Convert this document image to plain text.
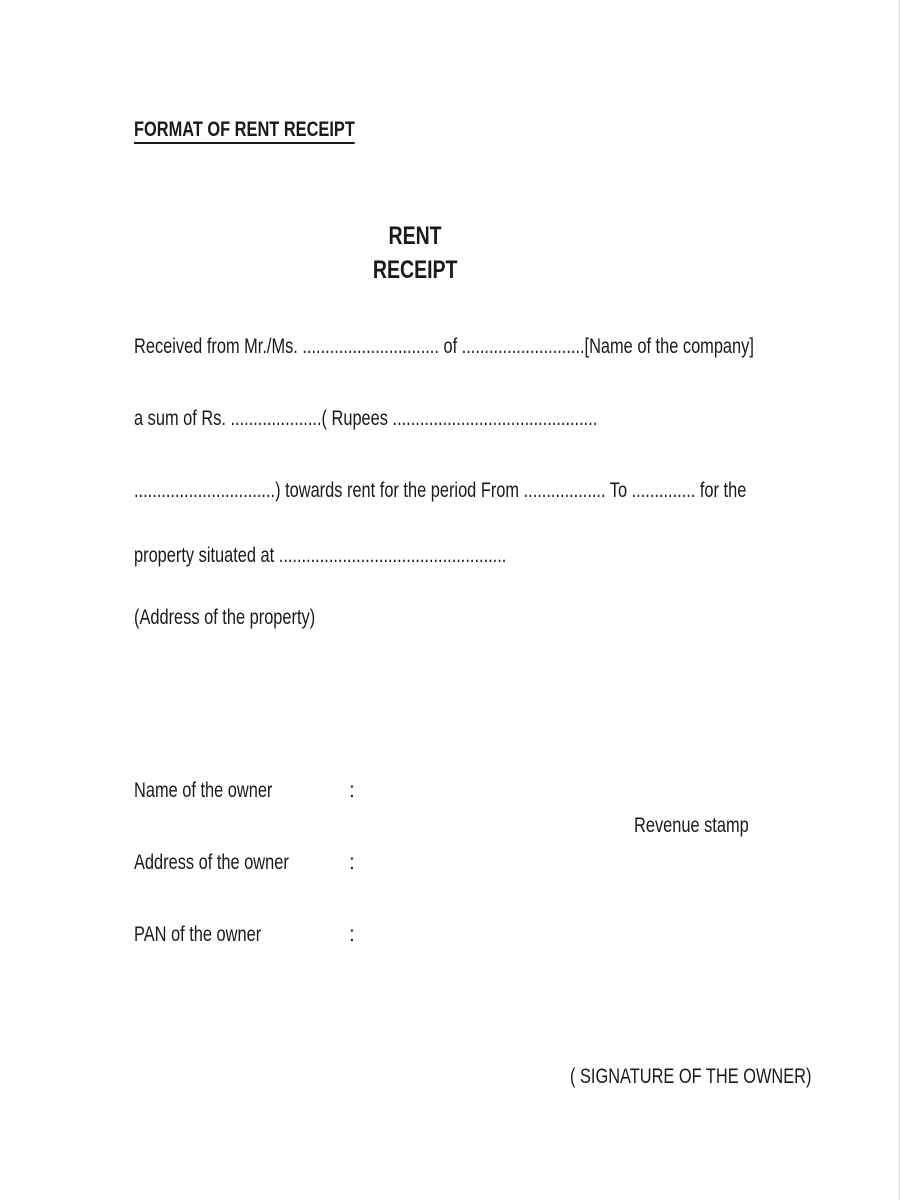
FORMAT OF RENT RECEIPT
RENT
RECEIPT
Received from Mr./Ms. .............................. of ...........................[Name of the company]
a sum of Rs. ....................( Rupees .............................................
...............................) towards rent for the period From .................. To .............. for the
property situated at ..................................................
(Address of the property)
Name of the owner	:
Address of the owner	:
PAN of the owner	:
Revenue stamp
( SIGNATURE OF THE OWNER)
